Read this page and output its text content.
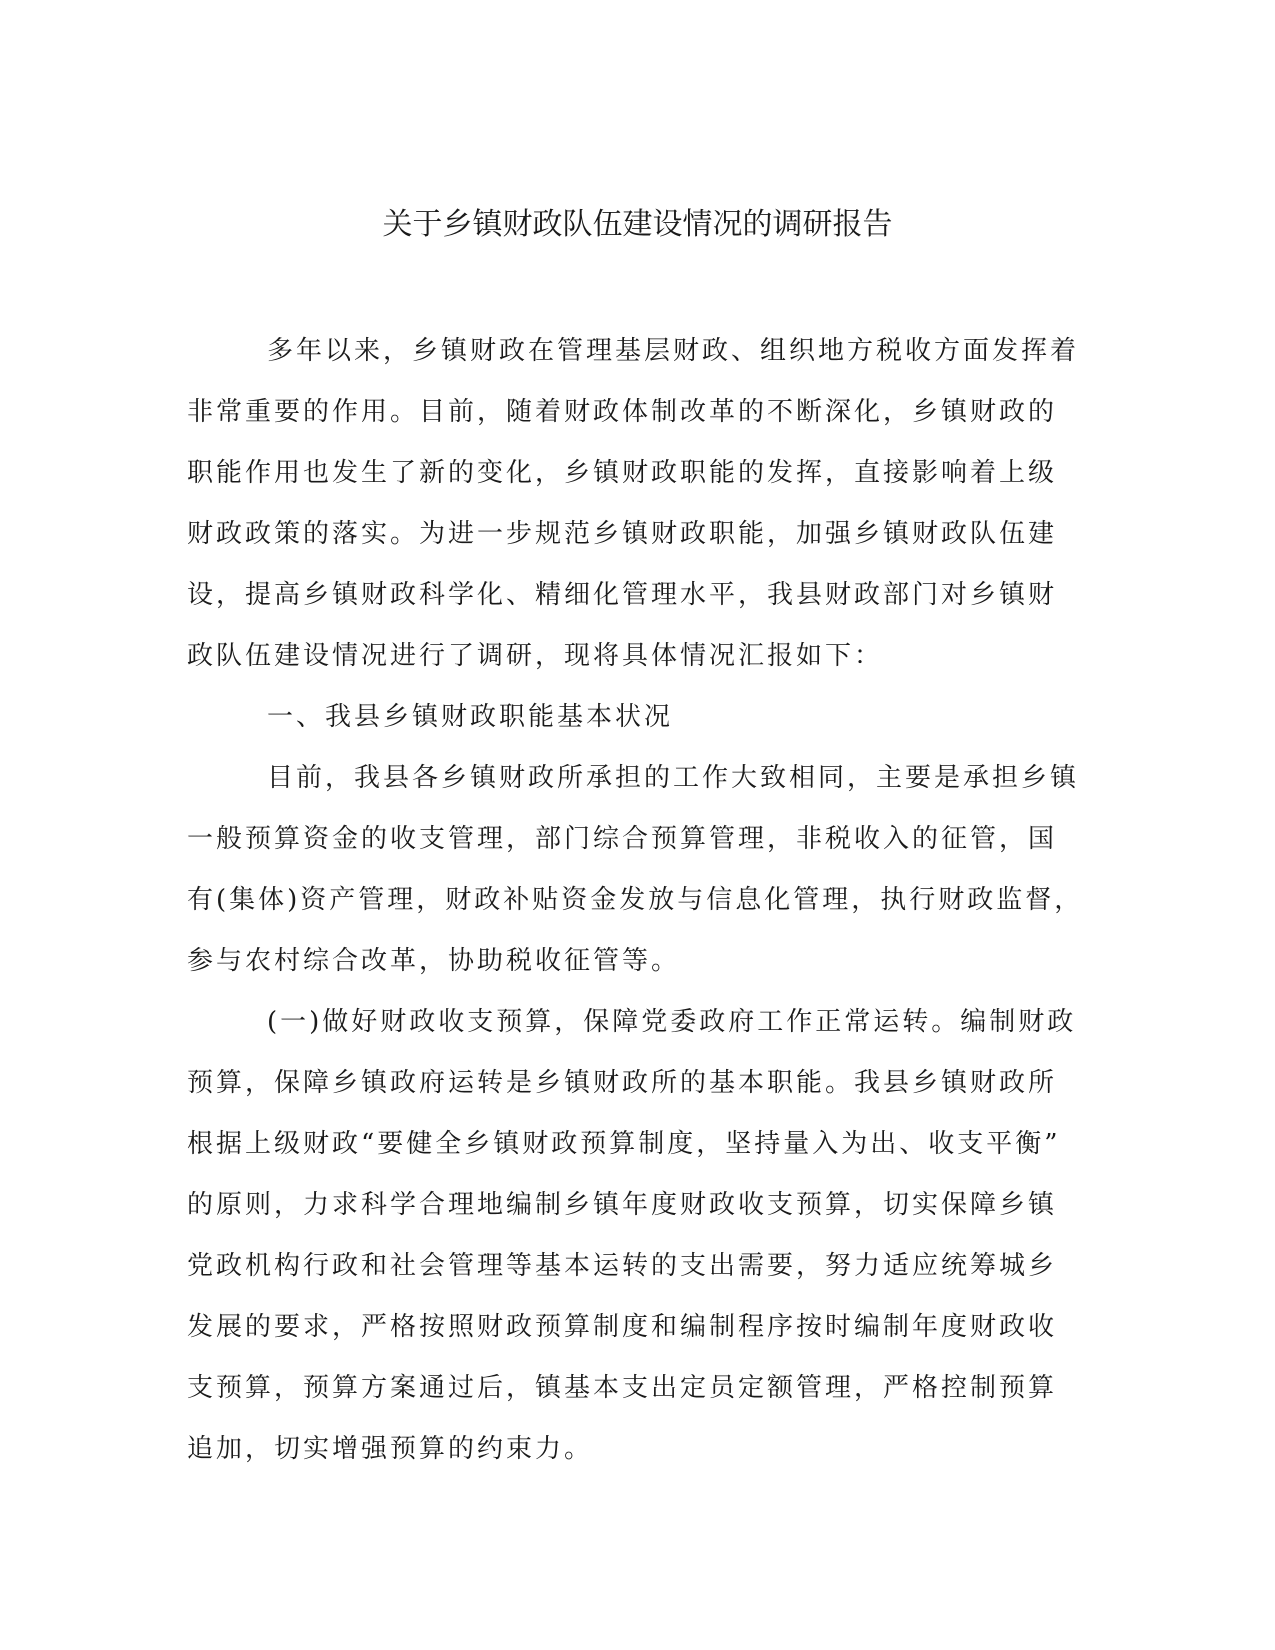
关于乡镇财政队伍建设情况的调研报告
多年以来，乡镇财政在管理基层财政、组织地方税收方面发挥着
非常重要的作用。目前，随着财政体制改革的不断深化，乡镇财政的
职能作用也发生了新的变化，乡镇财政职能的发挥，直接影响着上级
财政政策的落实。为进一步规范乡镇财政职能，加强乡镇财政队伍建
设，提高乡镇财政科学化、精细化管理水平，我县财政部门对乡镇财
政队伍建设情况进行了调研，现将具体情况汇报如下：
一、我县乡镇财政职能基本状况
目前，我县各乡镇财政所承担的工作大致相同，主要是承担乡镇
一般预算资金的收支管理，部门综合预算管理，非税收入的征管，国
有(集体)资产管理，财政补贴资金发放与信息化管理，执行财政监督，
参与农村综合改革，协助税收征管等。
(一)做好财政收支预算，保障党委政府工作正常运转。编制财政
预算，保障乡镇政府运转是乡镇财政所的基本职能。我县乡镇财政所
根据上级财政“要健全乡镇财政预算制度，坚持量入为出、收支平衡”
的原则，力求科学合理地编制乡镇年度财政收支预算，切实保障乡镇
党政机构行政和社会管理等基本运转的支出需要，努力适应统筹城乡
发展的要求，严格按照财政预算制度和编制程序按时编制年度财政收
支预算，预算方案通过后，镇基本支出定员定额管理，严格控制预算
追加，切实增强预算的约束力。
